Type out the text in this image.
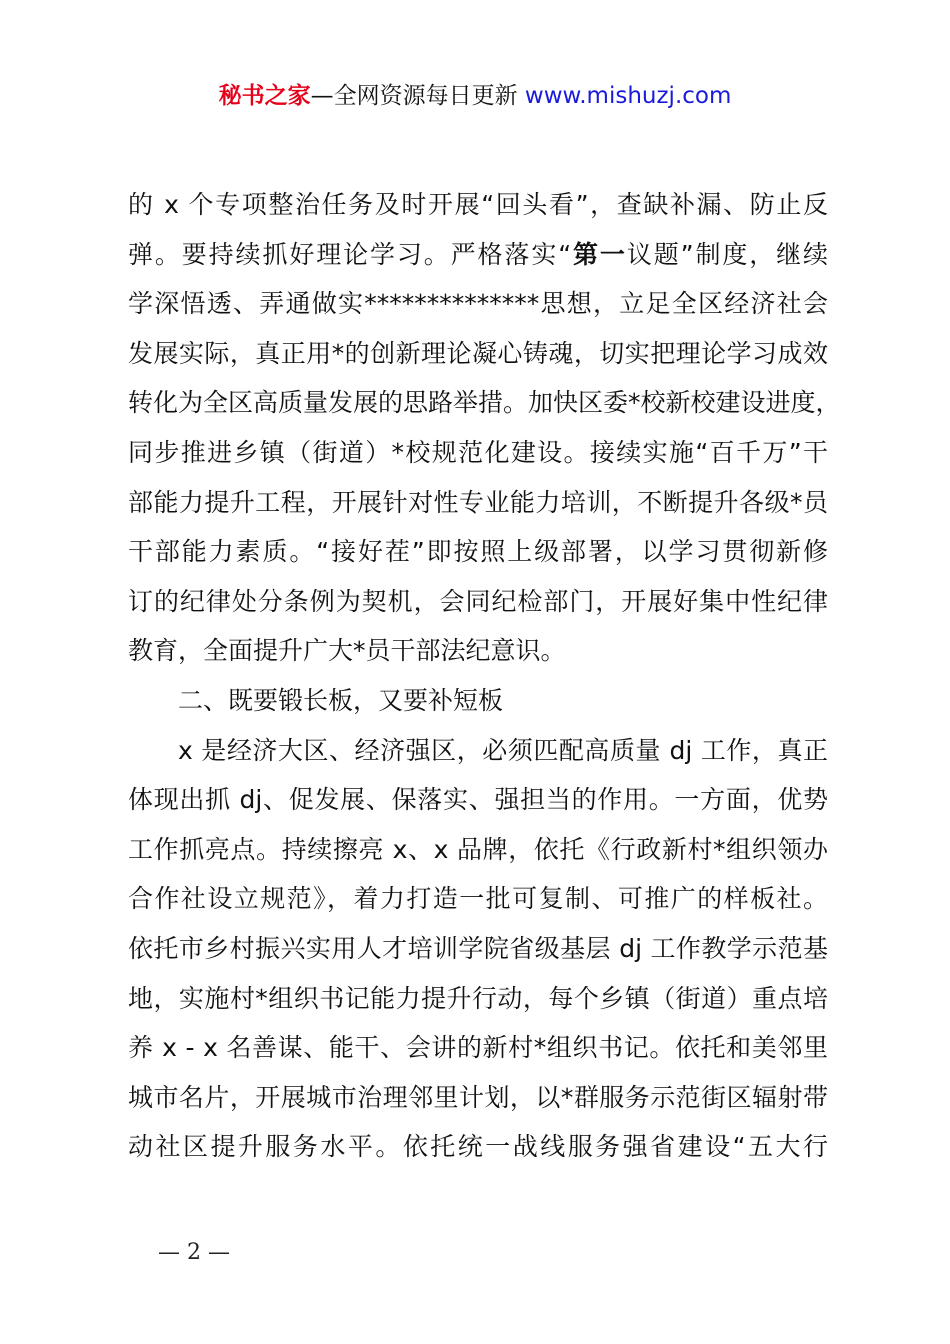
秘书之家—全网资源每日更新 www.mishuzj.com
的 x 个专项整治任务及时开展“回头看”，查缺补漏、防止反
弹。要持续抓好理论学习。严格落实“第一议题”制度，继续
学深悟透、弄通做实**************思想，立足全区经济社会
发展实际，真正用*的创新理论凝心铸魂，切实把理论学习成效
转化为全区高质量发展的思路举措。加快区委*校新校建设进度，
同步推进乡镇（街道）*校规范化建设。接续实施“百千万”干
部能力提升工程，开展针对性专业能力培训，不断提升各级*员
干部能力素质。“接好茬”即按照上级部署，以学习贯彻新修
订的纪律处分条例为契机，会同纪检部门，开展好集中性纪律
教育，全面提升广大*员干部法纪意识。
二、既要锻长板，又要补短板
x 是经济大区、经济强区，必须匹配高质量 dj 工作，真正
体现出抓 dj、促发展、保落实、强担当的作用。一方面，优势
工作抓亮点。持续擦亮 x、x 品牌，依托《行政新村*组织领办
合作社设立规范》，着力打造一批可复制、可推广的样板社。
依托市乡村振兴实用人才培训学院省级基层 dj 工作教学示范基
地，实施村*组织书记能力提升行动，每个乡镇（街道）重点培
养 x - x 名善谋、能干、会讲的新村*组织书记。依托和美邻里
城市名片，开展城市治理邻里计划，以*群服务示范街区辐射带
动社区提升服务水平。依托统一战线服务强省建设“五大行
— 2 —
